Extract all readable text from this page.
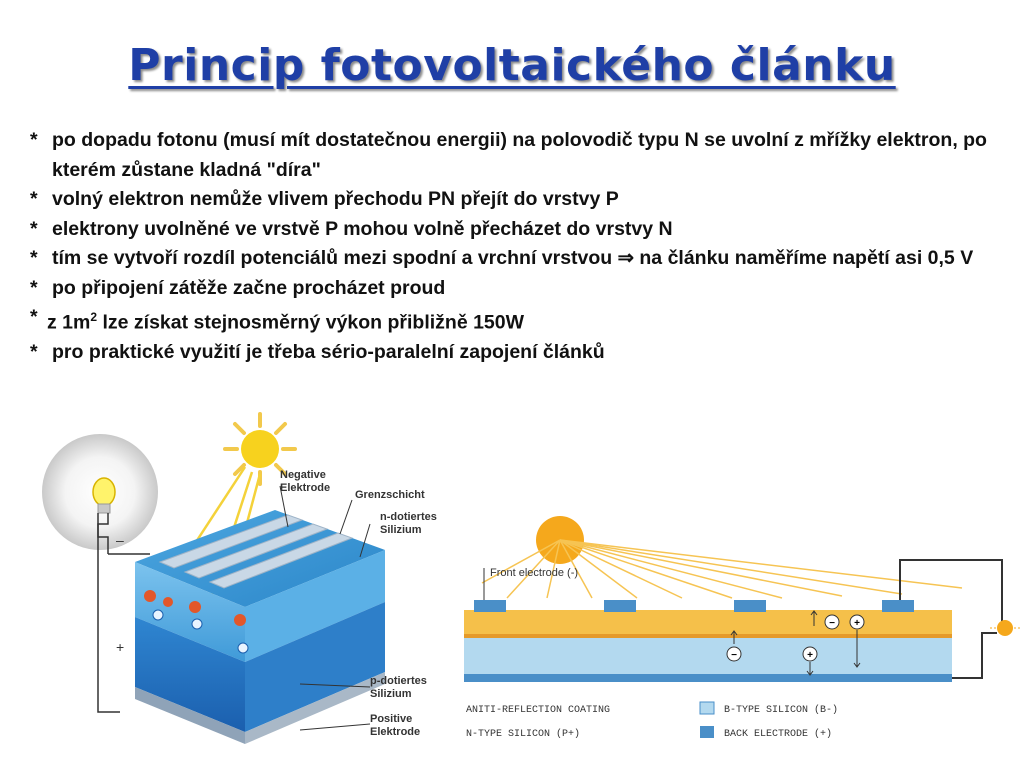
Princip fotovoltaického článku
* po dopadu fotonu (musí mít dostatečnou energii) na polovodič typu N se uvolní z mřížky elektron, po kterém zůstane kladná "díra"
* volný elektron nemůže vlivem přechodu PN přejít do vrstvy P
* elektrony uvolněné ve vrstvě P mohou volně přecházet do vrstvy N
* tím se vytvoří rozdíl potenciálů mezi spodní a vrchní vrstvou ⇒ na článku naměříme napětí asi 0,5 V
* po připojení zátěže začne procházet proud
* z $1m^2$ lze získat stejnosměrný výkon přibližně 150W
* pro praktické využití je třeba sério-paralelní zapojení článků
–
+
Negative
Elektrode
Grenzschicht
n-dotiertes
Silizium
p-dotiertes
Silizium
Positive
Elektrode
Front electrode (-)
− +
−	+
ANITI-REFLECTION COATING
N-TYPE SILICON (P+)
B-TYPE SILICON (B-)
BACK ELECTRODE (+)
